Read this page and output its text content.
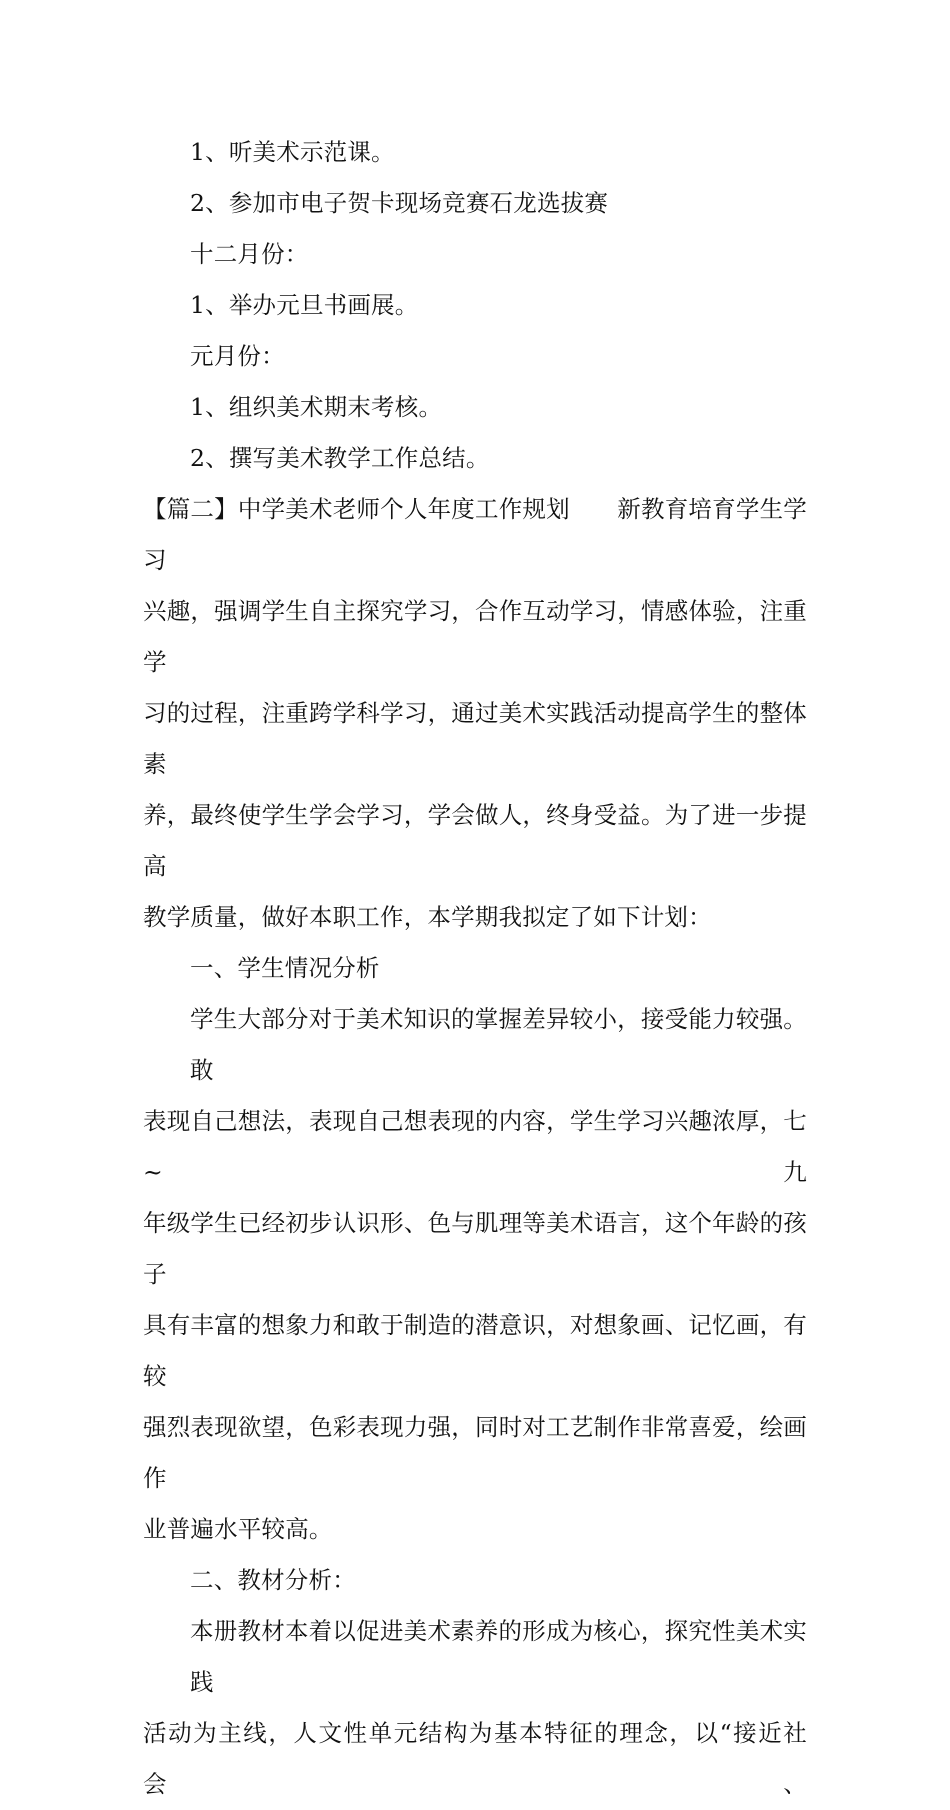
1、听美术示范课。

2、参加市电子贺卡现场竞赛石龙选拔赛

十二月份：

1、举办元旦书画展。

元月份：

1、组织美术期末考核。

2、撰写美术教学工作总结。

【篇二】中学美术老师个人年度工作规划　　新教育培育学生学习

兴趣，强调学生自主探究学习，合作互动学习，情感体验，注重学

习的过程，注重跨学科学习，通过美术实践活动提高学生的整体素

养，最终使学生学会学习，学会做人，终身受益。为了进一步提高

教学质量，做好本职工作，本学期我拟定了如下计划：

一、学生情况分析

学生大部分对于美术知识的掌握差异较小，接受能力较强。敢

表现自己想法，表现自己想表现的内容，学生学习兴趣浓厚，七~九

年级学生已经初步认识形、色与肌理等美术语言，这个年龄的孩子

具有丰富的想象力和敢于制造的潜意识，对想象画、记忆画，有较

强烈表现欲望，色彩表现力强，同时对工艺制作非常喜爱，绘画作

业普遍水平较高。

二、教材分析：

本册教材本着以促进美术素养的形成为核心，探究性美术实践

活动为主线，人文性单元结构为基本特征的理念，以“接近社会、
